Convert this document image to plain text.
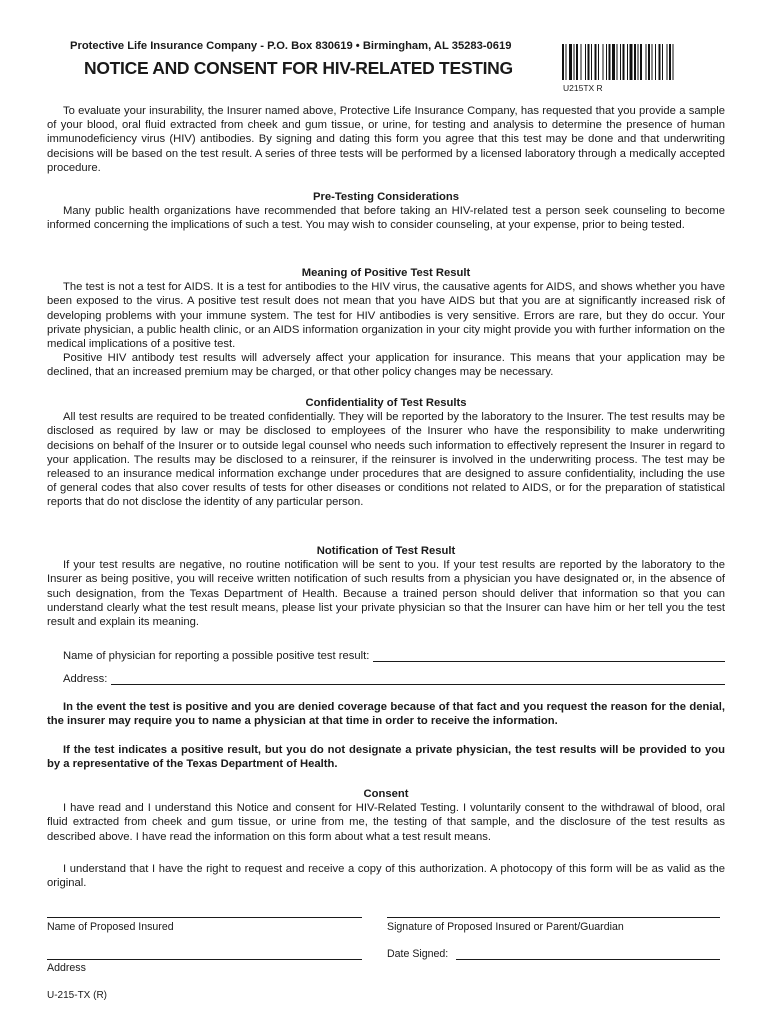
Protective Life Insurance Company - P.O. Box 830619 • Birmingham, AL 35283-0619
NOTICE AND CONSENT FOR HIV-RELATED TESTING
U215TX R

To evaluate your insurability, the Insurer named above, Protective Life Insurance Company, has requested that you provide a sample of your blood, oral fluid extracted from cheek and gum tissue, or urine, for testing and analysis to determine the presence of human immunodeficiency virus (HIV) antibodies. By signing and dating this form you agree that this test may be done and that underwriting decisions will be based on the test result. A series of three tests will be performed by a licensed laboratory through a medically accepted procedure.

Pre-Testing Considerations

Many public health organizations have recommended that before taking an HIV-related test a person seek counseling to become informed concerning the implications of such a test. You may wish to consider counseling, at your expense, prior to being tested.

Meaning of Positive Test Result

The test is not a test for AIDS. It is a test for antibodies to the HIV virus, the causative agents for AIDS, and shows whether you have been exposed to the virus. A positive test result does not mean that you have AIDS but that you are at significantly increased risk of developing problems with your immune system. The test for HIV antibodies is very sensitive. Errors are rare, but they do occur. Your private physician, a public health clinic, or an AIDS information organization in your city might provide you with further information on the medical implications of a positive test.

Positive HIV antibody test results will adversely affect your application for insurance. This means that your application may be declined, that an increased premium may be charged, or that other policy changes may be necessary.

Confidentiality of Test Results

All test results are required to be treated confidentially. They will be reported by the laboratory to the Insurer. The test results may be disclosed as required by law or may be disclosed to employees of the Insurer who have the responsibility to make underwriting decisions on behalf of the Insurer or to outside legal counsel who needs such information to effectively represent the Insurer in regard to your application. The results may be disclosed to a reinsurer, if the reinsurer is involved in the underwriting process. The test may be released to an insurance medical information exchange under procedures that are designed to assure confidentiality, including the use of general codes that also cover results of tests for other diseases or conditions not related to AIDS, or for the preparation of statistical reports that do not disclose the identity of any particular person.

Notification of Test Result

If your test results are negative, no routine notification will be sent to you. If your test results are reported by the laboratory to the Insurer as being positive, you will receive written notification of such results from a physician you have designated or, in the absence of such designation, from the Texas Department of Health. Because a trained person should deliver that information so that you can understand clearly what the test result means, please list your private physician so that the Insurer can have him or her tell you the test result and explain its meaning.

Name of physician for reporting a possible positive test result:
Address:

In the event the test is positive and you are denied coverage because of that fact and you request the reason for the denial, the insurer may require you to name a physician at that time in order to receive the information.

If the test indicates a positive result, but you do not designate a private physician, the test results will be provided to you by a representative of the Texas Department of Health.

Consent

I have read and I understand this Notice and consent for HIV-Related Testing. I voluntarily consent to the withdrawal of blood, oral fluid extracted from cheek and gum tissue, or urine from me, the testing of that sample, and the disclosure of the test results as described above. I have read the information on this form about what a test result means.

I understand that I have the right to request and receive a copy of this authorization. A photocopy of this form will be as valid as the original.

Name of Proposed Insured	Signature of Proposed Insured or Parent/Guardian
Address
Date Signed:
U-215-TX (R)
